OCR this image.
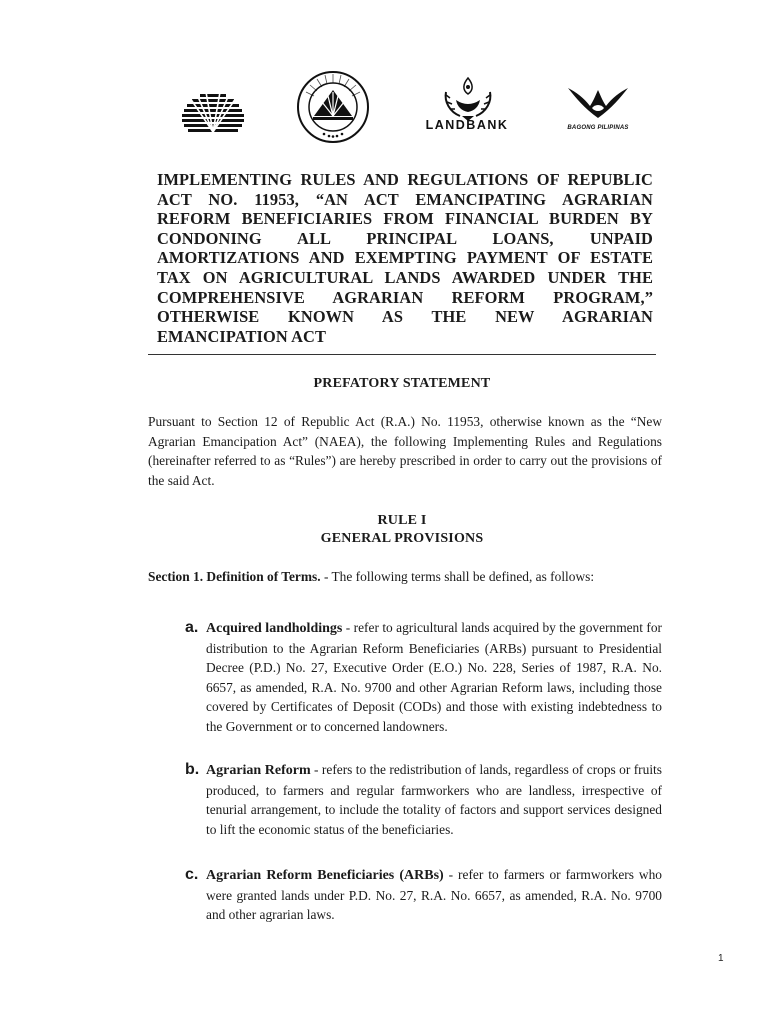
LANDBANK	BAGONG PILIPINAS

IMPLEMENTING RULES AND REGULATIONS OF REPUBLIC ACT NO. 11953, “AN ACT EMANCIPATING AGRARIAN REFORM BENEFICIARIES FROM FINANCIAL BURDEN BY CONDONING ALL PRINCIPAL LOANS, UNPAID AMORTIZATIONS AND EXEMPTING PAYMENT OF ESTATE TAX ON AGRICULTURAL LANDS AWARDED UNDER THE COMPREHENSIVE AGRARIAN REFORM PROGRAM,” OTHERWISE KNOWN AS THE NEW AGRARIAN EMANCIPATION ACT

PREFATORY STATEMENT

Pursuant to Section 12 of Republic Act (R.A.) No. 11953, otherwise known as the “New Agrarian Emancipation Act” (NAEA), the following Implementing Rules and Regulations (hereinafter referred to as “Rules”) are hereby prescribed in order to carry out the provisions of the said Act.

RULE I
GENERAL PROVISIONS

Section 1. Definition of Terms. - The following terms shall be defined, as follows:

a. Acquired landholdings - refer to agricultural lands acquired by the government for distribution to the Agrarian Reform Beneficiaries (ARBs) pursuant to Presidential Decree (P.D.) No. 27, Executive Order (E.O.) No. 228, Series of 1987, R.A. No. 6657, as amended, R.A. No. 9700 and other Agrarian Reform laws, including those covered by Certificates of Deposit (CODs) and those with existing indebtedness to the Government or to concerned landowners.

b. Agrarian Reform - refers to the redistribution of lands, regardless of crops or fruits produced, to farmers and regular farmworkers who are landless, irrespective of tenurial arrangement, to include the totality of factors and support services designed to lift the economic status of the beneficiaries.

c. Agrarian Reform Beneficiaries (ARBs) - refer to farmers or farmworkers who were granted lands under P.D. No. 27, R.A. No. 6657, as amended, R.A. No. 9700 and other agrarian laws.

1
